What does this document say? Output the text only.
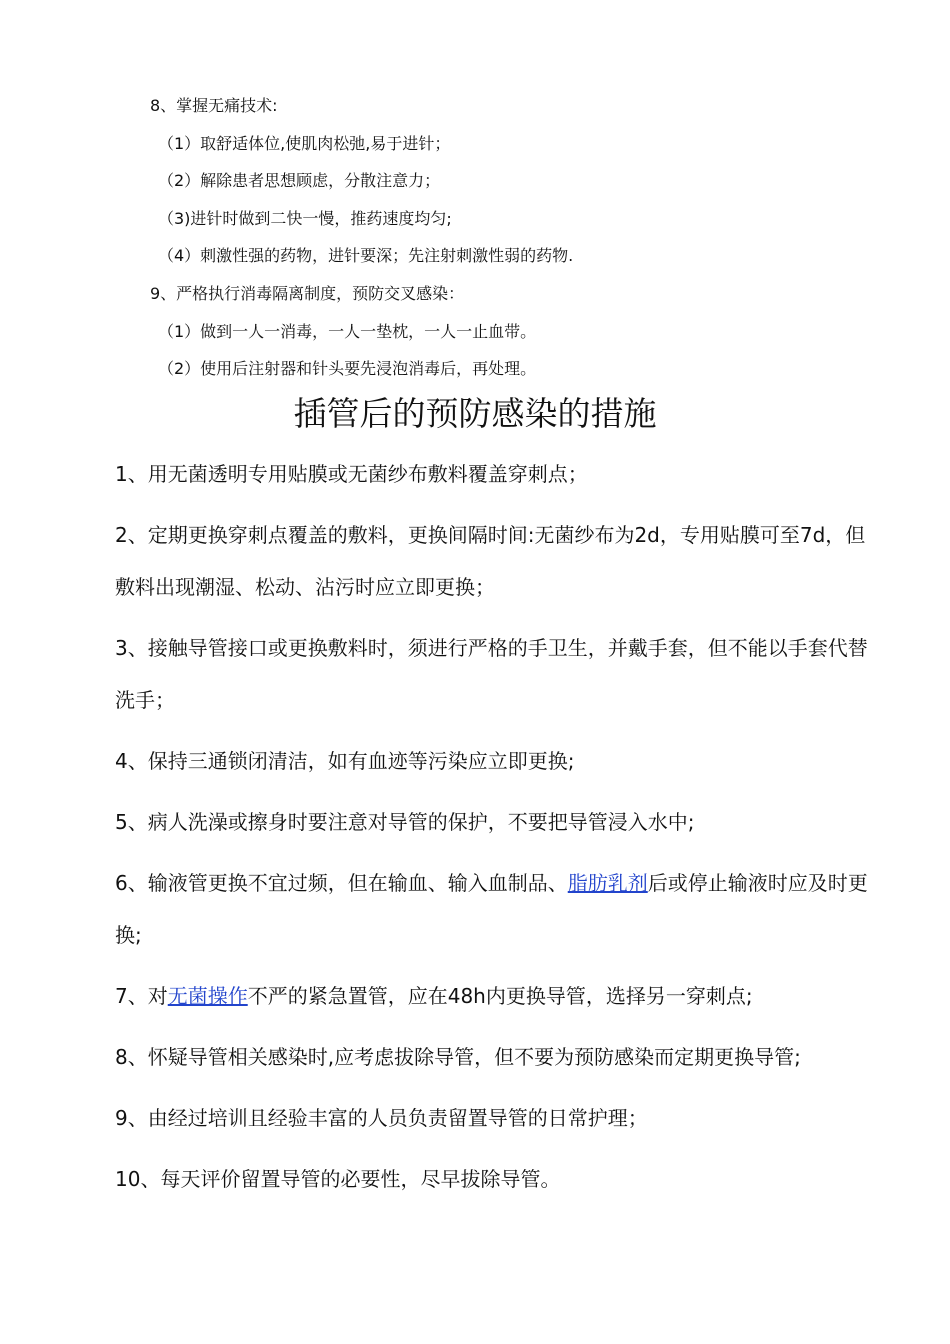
8、掌握无痛技术:

（1）取舒适体位,使肌肉松弛,易于进针；

（2）解除患者思想顾虑，分散注意力；

（3)进针时做到二快一慢，推药速度均匀;

（4）刺激性强的药物，进针要深；先注射刺激性弱的药物.

9、严格执行消毒隔离制度，预防交叉感染：

（1）做到一人一消毒，一人一垫枕，一人一止血带。

（2）使用后注射器和针头要先浸泡消毒后，再处理。

插管后的预防感染的措施

1、用无菌透明专用贴膜或无菌纱布敷料覆盖穿刺点；

2、定期更换穿刺点覆盖的敷料，更换间隔时间:无菌纱布为2d，专用贴膜可至7d，但敷料出现潮湿、松动、沾污时应立即更换；

3、接触导管接口或更换敷料时，须进行严格的手卫生，并戴手套，但不能以手套代替洗手；

4、保持三通锁闭清洁，如有血迹等污染应立即更换;

5、病人洗澡或擦身时要注意对导管的保护，不要把导管浸入水中;

6、输液管更换不宜过频，但在输血、输入血制品、脂肪乳剂后或停止输液时应及时更换;

7、对无菌操作不严的紧急置管，应在48h内更换导管，选择另一穿刺点;

8、怀疑导管相关感染时,应考虑拔除导管，但不要为预防感染而定期更换导管;

9、由经过培训且经验丰富的人员负责留置导管的日常护理；

10、每天评价留置导管的必要性，尽早拔除导管。
